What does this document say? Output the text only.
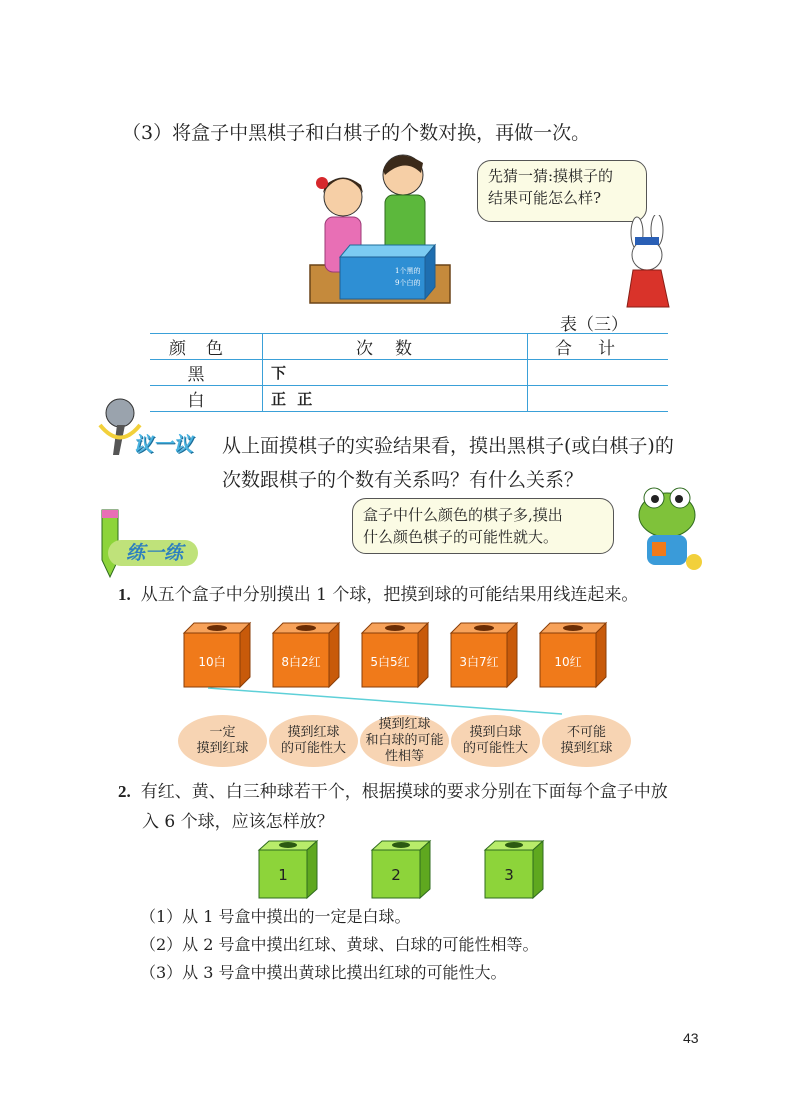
（3）将盒子中黑棋子和白棋子的个数对换，再做一次。
1个黑的
9个白的
先猜一猜:摸棋子的
结果可能怎么样?
表（三）
颜色	次数	合计
黑	下	
白	正 正	
议一议 从上面摸棋子的实验结果看，摸出黑棋子(或白棋子)的次数跟棋子的个数有关系吗？有什么关系？
盒子中什么颜色的棋子多,摸出
什么颜色棋子的可能性就大。
练一练
1. 从五个盒子中分别摸出 1 个球，把摸到球的可能结果用线连起来。
10白	8白2红	5白5红	3白7红	10红
一定
摸到红球
摸到红球
的可能性大
摸到红球
和白球的可能
性相等
摸到白球
的可能性大
不可能
摸到红球
2. 有红、黄、白三种球若干个，根据摸球的要求分别在下面每个盒子中放
入 6 个球，应该怎样放？
1	2	3
（1）从 1 号盒中摸出的一定是白球。
（2）从 2 号盒中摸出红球、黄球、白球的可能性相等。
（3）从 3 号盒中摸出黄球比摸出红球的可能性大。
43
